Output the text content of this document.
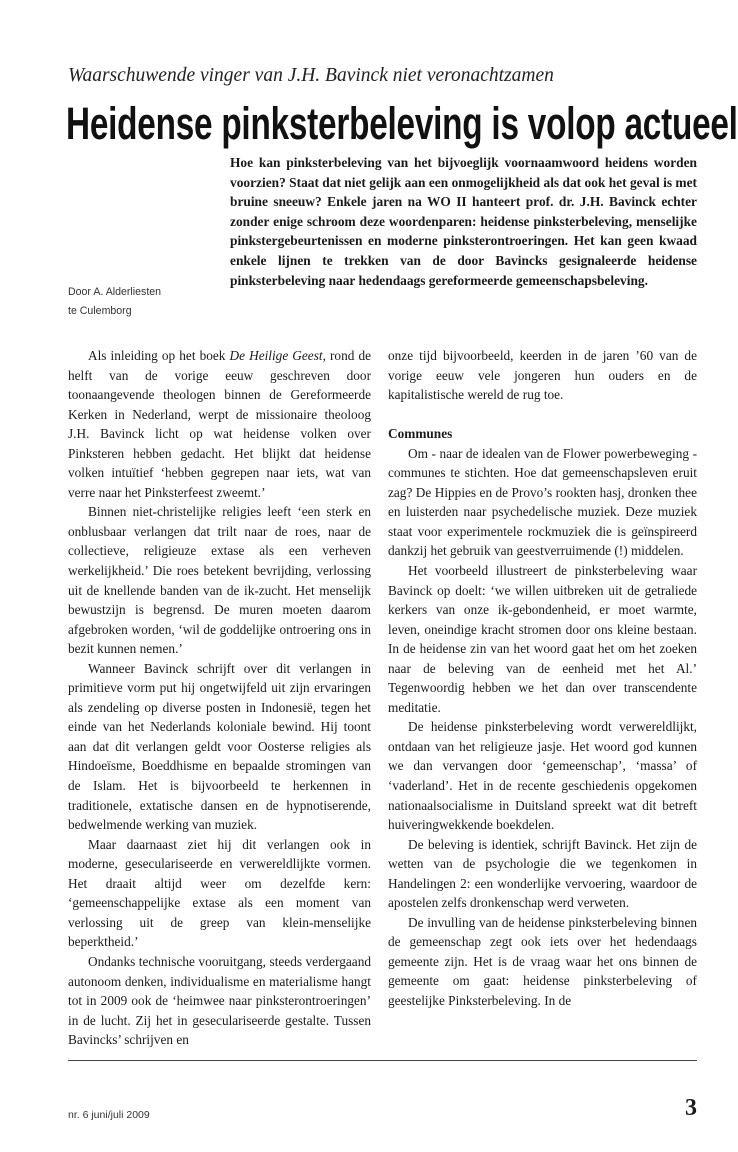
Waarschuwende vinger van J.H. Bavinck niet veronachtzamen
Heidense pinksterbeleving is volop actueel
Hoe kan pinksterbeleving van het bijvoeglijk voornaamwoord heidens worden voorzien? Staat dat niet gelijk aan een onmogelijkheid als dat ook het geval is met bruine sneeuw? Enkele jaren na WO II hanteert prof. dr. J.H. Bavinck echter zonder enige schroom deze woordenparen: heidense pinksterbeleving, menselijke pinkstergebeurtenissen en moderne pinksterontroeringen. Het kan geen kwaad enkele lijnen te trekken van de door Bavincks gesignaleerde heidense pinksterbeleving naar hedendaags gereformeerde gemeenschapsbeleving.
Door A. Alderliesten
te Culemborg

Als inleiding op het boek De Heilige Geest, rond de helft van de vorige eeuw geschreven door toonaangevende theologen binnen de Gereformeerde Kerken in Nederland, werpt de missionaire theoloog J.H. Bavinck licht op wat heidense volken over Pinksteren hebben gedacht. Het blijkt dat heidense volken intuïtief ‘hebben gegrepen naar iets, wat van verre naar het Pinksterfeest zweemt.’

Binnen niet-christelijke religies leeft ‘een sterk en onblusbaar verlangen dat trilt naar de roes, naar de collectieve, religieuze extase als een verheven werkelijkheid.’ Die roes betekent bevrijding, verlossing uit de knellende banden van de ik-zucht. Het menselijk bewustzijn is begrensd. De muren moeten daarom afgebroken worden, ‘wil de goddelijke ontroering ons in bezit kunnen nemen.’

Wanneer Bavinck schrijft over dit verlangen in primitieve vorm put hij ongetwijfeld uit zijn ervaringen als zendeling op diverse posten in Indonesië, tegen het einde van het Nederlands koloniale bewind. Hij toont aan dat dit verlangen geldt voor Oosterse religies als Hindoeïsme, Boeddhisme en bepaalde stromingen van de Islam. Het is bijvoorbeeld te herkennen in traditionele, extatische dansen en de hypnotiserende, bedwelmende werking van muziek.

Maar daarnaast ziet hij dit verlangen ook in moderne, geseculariseerde en verwereldlijkte vormen. Het draait altijd weer om dezelfde kern: ‘gemeenschappelijke extase als een moment van verlossing uit de greep van klein-menselijke beperktheid.’

Ondanks technische vooruitgang, steeds verdergaand autonoom denken, individualisme en materialisme hangt tot in 2009 ook de ‘heimwee naar pinksterontroeringen’ in de lucht. Zij het in geseculariseerde gestalte. Tussen Bavincks’ schrijven en

onze tijd bijvoorbeeld, keerden in de jaren ’60 van de vorige eeuw vele jongeren hun ouders en de kapitalistische wereld de rug toe.

Communes

Om - naar de idealen van de Flower powerbeweging - communes te stichten. Hoe dat gemeenschapsleven eruit zag? De Hippies en de Provo’s rookten hasj, dronken thee en luisterden naar psychedelische muziek. Deze muziek staat voor experimentele rockmuziek die is geïnspireerd dankzij het gebruik van geestverruimende (!) middelen.

Het voorbeeld illustreert de pinksterbeleving waar Bavinck op doelt: ‘we willen uitbreken uit de getraliede kerkers van onze ik-gebondenheid, er moet warmte, leven, oneindige kracht stromen door ons kleine bestaan. In de heidense zin van het woord gaat het om het zoeken naar de beleving van de eenheid met het Al.’ Tegenwoordig hebben we het dan over transcendente meditatie.

De heidense pinksterbeleving wordt verwereldlijkt, ontdaan van het religieuze jasje. Het woord god kunnen we dan vervangen door ‘gemeenschap’, ‘massa’ of ‘vaderland’. Het in de recente geschiedenis opgekomen nationaalsocialisme in Duitsland spreekt wat dit betreft huiveringwekkende boekdelen.

De beleving is identiek, schrijft Bavinck. Het zijn de wetten van de psychologie die we tegenkomen in Handelingen 2: een wonderlijke vervoering, waardoor de apostelen zelfs dronkenschap werd verweten.

De invulling van de heidense pinksterbeleving binnen de gemeenschap zegt ook iets over het hedendaags gemeente zijn. Het is de vraag waar het ons binnen de gemeente om gaat: heidense pinksterbeleving of geestelijke Pinksterbeleving. In de

nr. 6 juni/juli 2009	3
